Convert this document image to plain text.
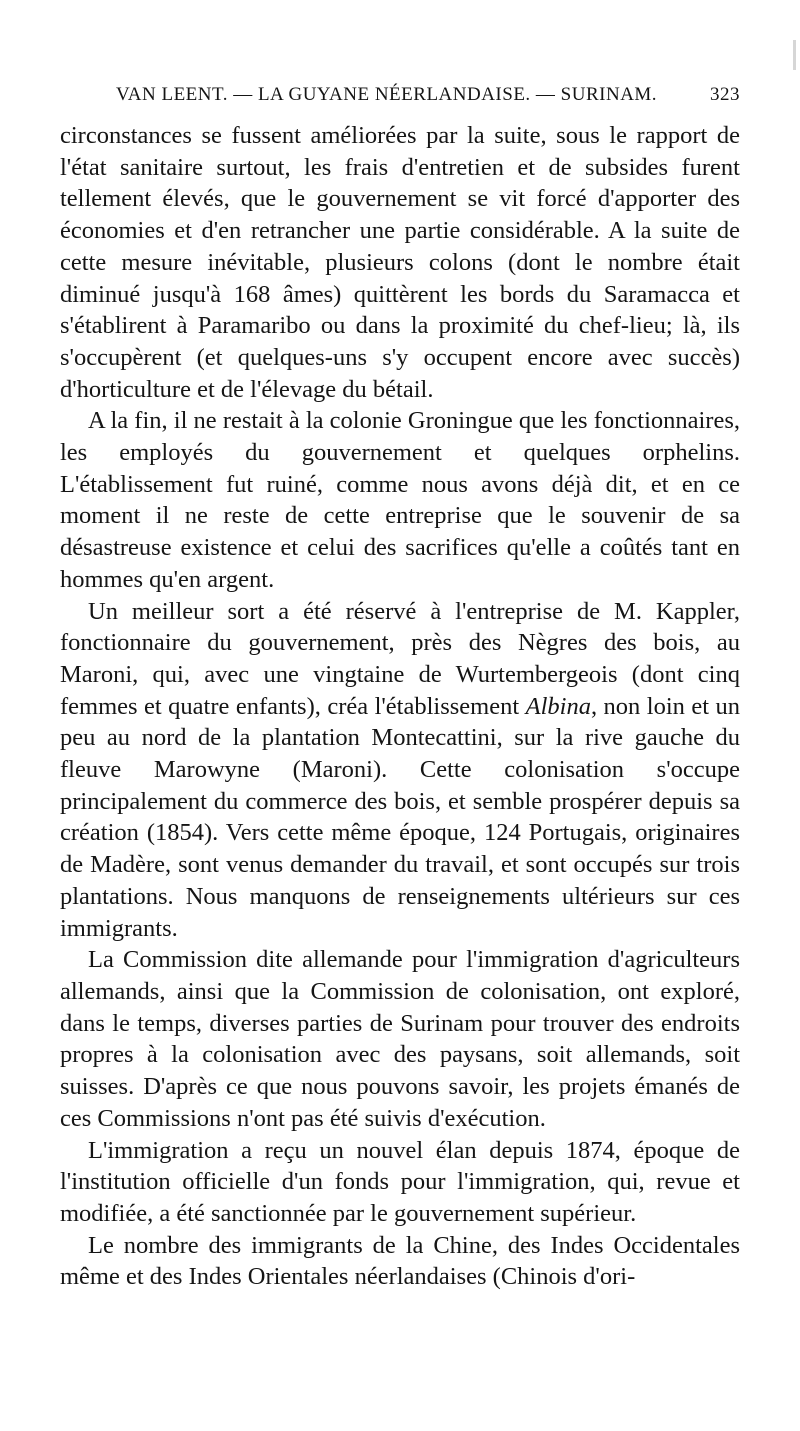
VAN LEENT. — LA GUYANE NÉERLANDAISE. — SURINAM.	323

circonstances se fussent améliorées par la suite, sous le rapport de l'état sanitaire surtout, les frais d'entretien et de subsides furent tellement élevés, que le gouvernement se vit forcé d'apporter des économies et d'en retrancher une partie considérable. A la suite de cette mesure inévitable, plusieurs colons (dont le nombre était diminué jusqu'à 168 âmes) quittèrent les bords du Saramacca et s'établirent à Paramaribo ou dans la proximité du chef-lieu; là, ils s'occupèrent (et quelques-uns s'y occupent encore avec succès) d'horticulture et de l'élevage du bétail.

A la fin, il ne restait à la colonie Groningue que les fonctionnaires, les employés du gouvernement et quelques orphelins. L'établissement fut ruiné, comme nous avons déjà dit, et en ce moment il ne reste de cette entreprise que le souvenir de sa désastreuse existence et celui des sacrifices qu'elle a coûtés tant en hommes qu'en argent.

Un meilleur sort a été réservé à l'entreprise de M. Kappler, fonctionnaire du gouvernement, près des Nègres des bois, au Maroni, qui, avec une vingtaine de Wurtembergeois (dont cinq femmes et quatre enfants), créa l'établissement Albina, non loin et un peu au nord de la plantation Montecattini, sur la rive gauche du fleuve Marowyne (Maroni). Cette colonisation s'occupe principalement du commerce des bois, et semble prospérer depuis sa création (1854). Vers cette même époque, 124 Portugais, originaires de Madère, sont venus demander du travail, et sont occupés sur trois plantations. Nous manquons de renseignements ultérieurs sur ces immigrants.

La Commission dite allemande pour l'immigration d'agriculteurs allemands, ainsi que la Commission de colonisation, ont exploré, dans le temps, diverses parties de Surinam pour trouver des endroits propres à la colonisation avec des paysans, soit allemands, soit suisses. D'après ce que nous pouvons savoir, les projets émanés de ces Commissions n'ont pas été suivis d'exécution.

L'immigration a reçu un nouvel élan depuis 1874, époque de l'institution officielle d'un fonds pour l'immigration, qui, revue et modifiée, a été sanctionnée par le gouvernement supérieur.

Le nombre des immigrants de la Chine, des Indes Occidentales même et des Indes Orientales néerlandaises (Chinois d'ori-
